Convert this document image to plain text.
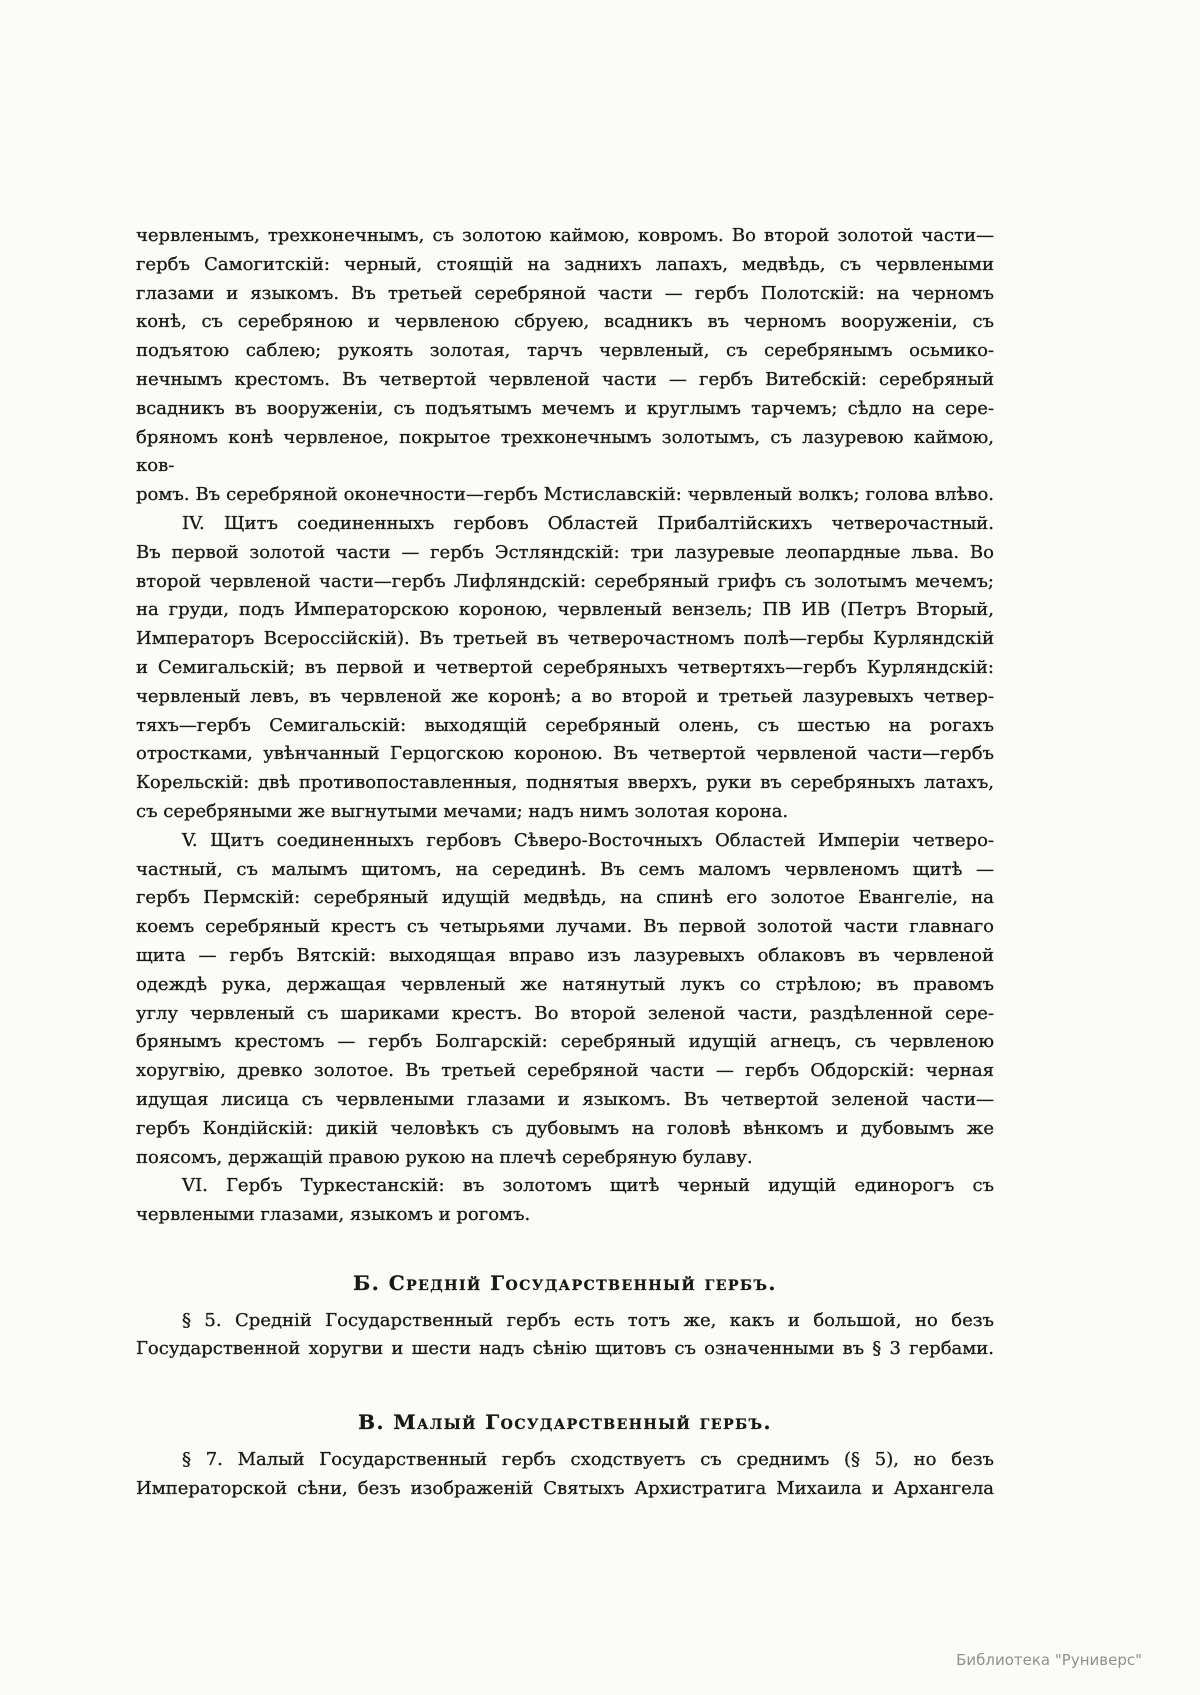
червленымъ, трехконечнымъ, съ золотою каймою, ковромъ. Во второй золотой части—
гербъ Самогитскій: черный, стоящій на заднихъ лапахъ, медвѣдь, съ червлеными
глазами и языкомъ. Въ третьей серебряной части — гербъ Полотскій: на черномъ
конѣ, съ серебряною и червленою сбруею, всадникъ въ черномъ вооруженіи, съ
подъятою саблею; рукоять золотая, тарчъ червленый, съ серебрянымъ осьмико-
нечнымъ крестомъ. Въ четвертой червленой части — гербъ Витебскій: серебряный
всадникъ въ вооруженіи, съ подъятымъ мечемъ и круглымъ тарчемъ; сѣдло на сере-
бряномъ конѣ червленое, покрытое трехконечнымъ золотымъ, съ лазуревою каймою, ков-
ромъ. Въ серебряной оконечности—гербъ Мстиславскій: червленый волкъ; голова влѣво.
IV. Щитъ соединенныхъ гербовъ Областей Прибалтійскихъ четверочастный.
Въ первой золотой части — гербъ Эстляндскій: три лазуревые леопардные льва. Во
второй червленой части—гербъ Лифляндскій: серебряный грифъ съ золотымъ мечемъ;
на груди, подъ Императорскою короною, червленый вензель; ПВ ИВ (Петръ Вторый,
Императоръ Всероссійскій). Въ третьей въ четверочастномъ полѣ—гербы Курляндскій
и Семигальскій; въ первой и четвертой серебряныхъ четвертяхъ—гербъ Курляндскій:
червленый левъ, въ червленой же коронѣ; а во второй и третьей лазуревыхъ четвер-
тяхъ—гербъ Семигальскій: выходящій серебряный олень, съ шестью на рогахъ
отростками, увѣнчанный Герцогскою короною. Въ четвертой червленой части—гербъ
Корельскій: двѣ противопоставленныя, поднятыя вверхъ, руки въ серебряныхъ латахъ,
съ серебряными же выгнутыми мечами; надъ нимъ золотая корона.
V. Щитъ соединенныхъ гербовъ Сѣверо-Восточныхъ Областей Имперіи четверо-
частный, съ малымъ щитомъ, на серединѣ. Въ семъ маломъ червленомъ щитѣ —
гербъ Пермскій: серебряный идущій медвѣдь, на спинѣ его золотое Евангеліе, на
коемъ серебряный крестъ съ четырьями лучами. Въ первой золотой части главнаго
щита — гербъ Вятскій: выходящая вправо изъ лазуревыхъ облаковъ въ червленой
одеждѣ рука, держащая червленый же натянутый лукъ со стрѣлою; въ правомъ
углу червленый съ шариками крестъ. Во второй зеленой части, раздѣленной сере-
брянымъ крестомъ — гербъ Болгарскій: серебряный идущій агнецъ, съ червленою
хоругвію, древко золотое. Въ третьей серебряной части — гербъ Обдорскій: черная
идущая лисица съ червлеными глазами и языкомъ. Въ четвертой зеленой части—
гербъ Кондійскій: дикій человѣкъ съ дубовымъ на головѣ вѣнкомъ и дубовымъ же
поясомъ, держащій правою рукою на плечѣ серебряную булаву.
VI. Гербъ Туркестанскій: въ золотомъ щитѣ черный идущій единорогъ съ
червлеными глазами, языкомъ и рогомъ.
Б. Средній Государственный гербъ.
§ 5. Средній Государственный гербъ есть тотъ же, какъ и большой, но безъ
Государственной хоругви и шести надъ сѣнію щитовъ съ означенными въ § 3 гербами.
В. Малый Государственный гербъ.
§ 7. Малый Государственный гербъ сходствуетъ съ среднимъ (§ 5), но безъ
Императорской сѣни, безъ изображеній Святыхъ Архистратига Михаила и Архангела
Библиотека "Руниверс"
